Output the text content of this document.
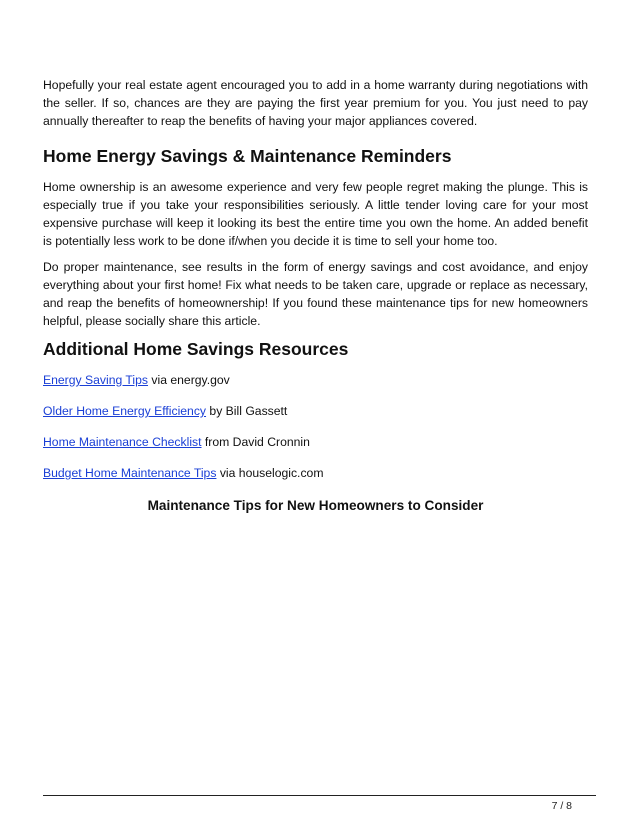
Hopefully your real estate agent encouraged you to add in a home warranty during negotiations with the seller. If so, chances are they are paying the first year premium for you. You just need to pay annually thereafter to reap the benefits of having your major appliances covered.

Home Energy Savings & Maintenance Reminders

Home ownership is an awesome experience and very few people regret making the plunge. This is especially true if you take your responsibilities seriously. A little tender loving care for your most expensive purchase will keep it looking its best the entire time you own the home. An added benefit is potentially less work to be done if/when you decide it is time to sell your home too.

Do proper maintenance, see results in the form of energy savings and cost avoidance, and enjoy everything about your first home! Fix what needs to be taken care, upgrade or replace as necessary, and reap the benefits of homeownership! If you found these maintenance tips for new homeowners helpful, please socially share this article.

Additional Home Savings Resources
Energy Saving Tips via energy.gov
Older Home Energy Efficiency by Bill Gassett
Home Maintenance Checklist from David Cronnin
Budget Home Maintenance Tips via houselogic.com
Maintenance Tips for New Homeowners to Consider
7 / 8
